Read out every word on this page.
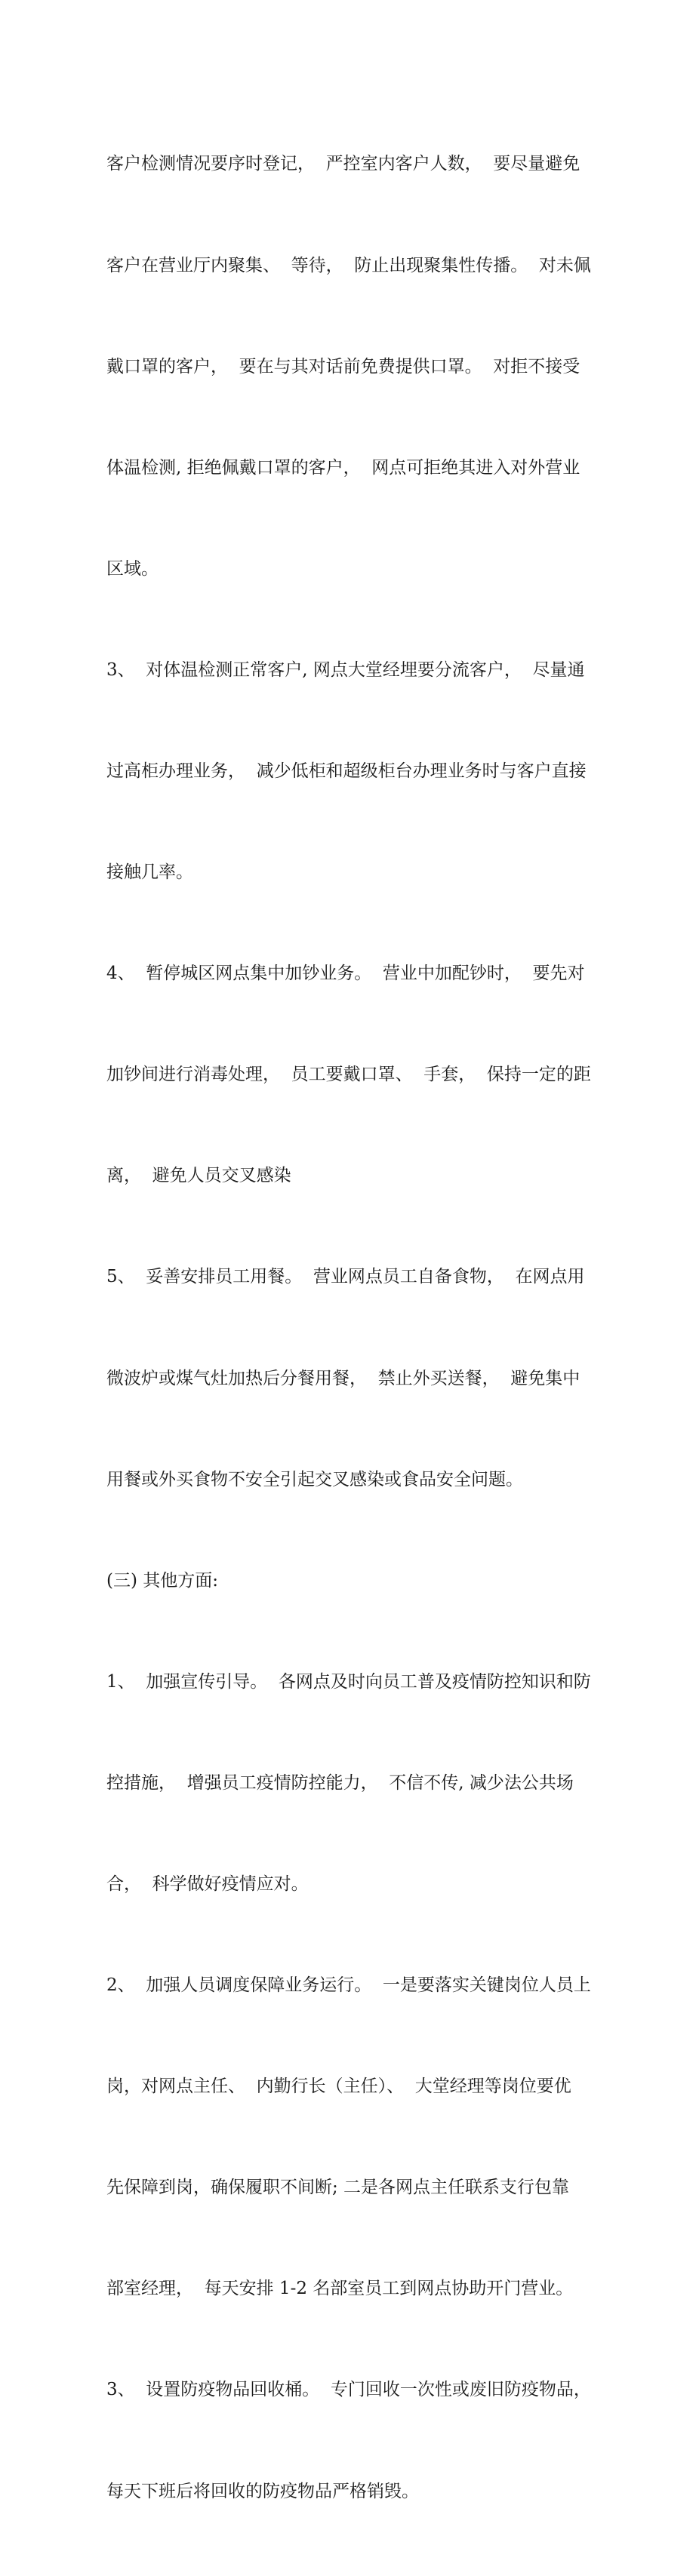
客户检测情况要序时登记，  严控室内客户人数，  要尽量避免

客户在营业厅内聚集、  等待，  防止出现聚集性传播。  对未佩

戴口罩的客户，  要在与其对话前免费提供口罩。  对拒不接受

体温检测, 拒绝佩戴口罩的客户，  网点可拒绝其进入对外营业

区域。

3、  对体温检测正常客户, 网点大堂经埋要分流客户，  尽量通

过高柜办理业务，  减少低柜和超级柜台办理业务时与客户直接

接触几率。

4、  暂停城区网点集中加钞业务。  营业中加配钞时，  要先对

加钞间进行消毒处理，  员工要戴口罩、  手套，  保持一定的距

离，  避免人员交叉感染

5、  妥善安排员工用餐。  营业网点员工自备食物，  在网点用

微波炉或煤气灶加热后分餐用餐，  禁止外买送餐，  避免集中

用餐或外买食物不安全引起交叉感染或食品安全问题。

(三) 其他方面:

1、  加强宣传引导。  各网点及时向员工普及疫情防控知识和防

控措施，  增强员工疫情防控能力，  不信不传, 减少法公共场

合，  科学做好疫情应对。

2、  加强人员调度保障业务运行。  一是要落实关键岗位人员上

岗，对网点主任、  内勤行长（主任）、  大堂经理等岗位要优

先保障到岗，确保履职不间断; 二是各网点主任联系支行包靠

部室经理，  每天安排 1-2 名部室员工到网点协助开门营业。

3、  设置防疫物品回收桶。  专门回收一次性或废旧防疫物品，

每天下班后将回收的防疫物品严格销毁。
